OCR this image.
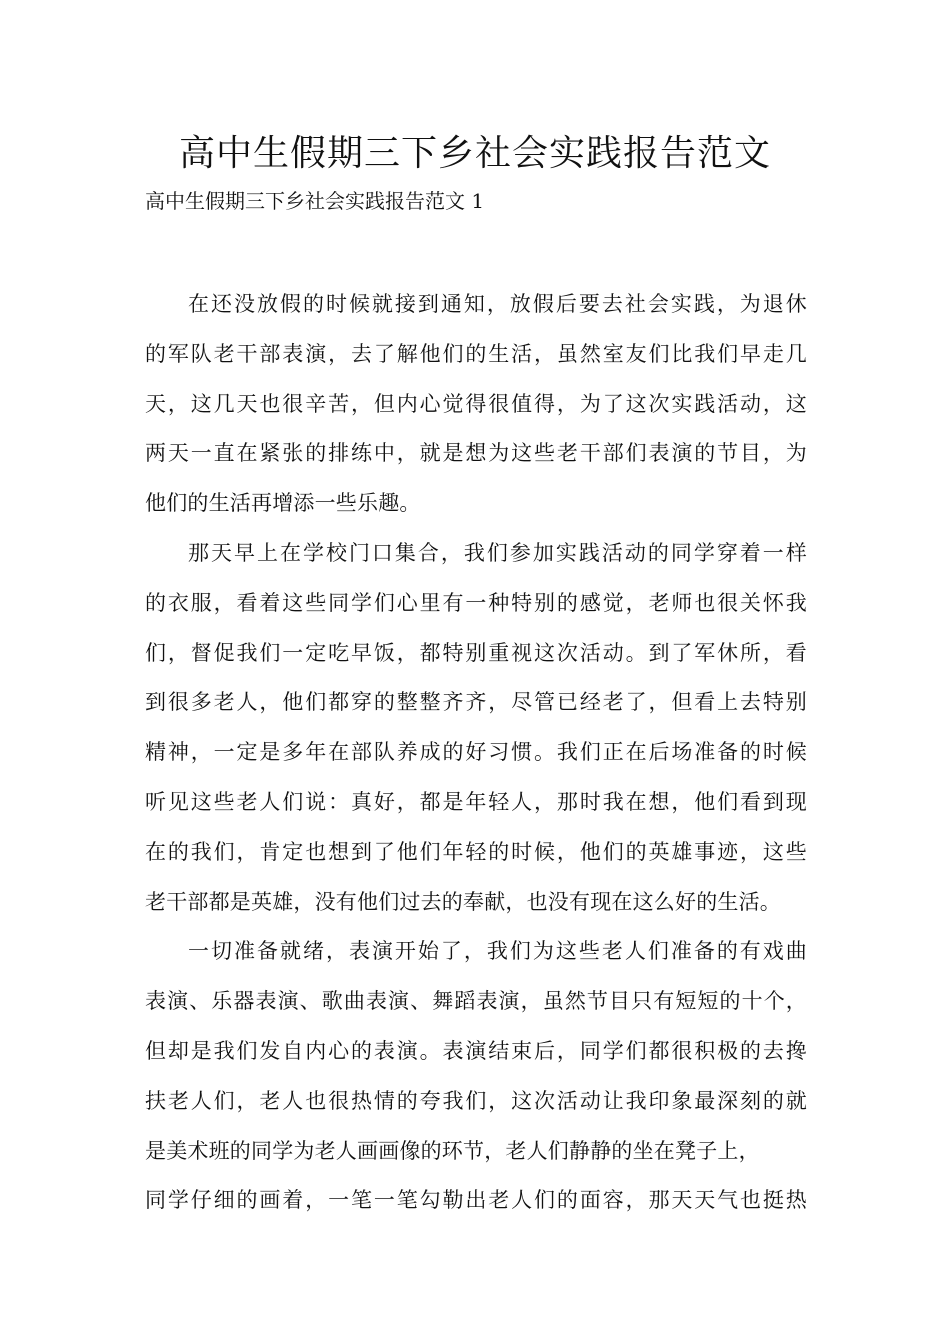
高中生假期三下乡社会实践报告范文

高中生假期三下乡社会实践报告范文 1

在还没放假的时候就接到通知，放假后要去社会实践，为退休
的军队老干部表演，去了解他们的生活，虽然室友们比我们早走几
天，这几天也很辛苦，但内心觉得很值得，为了这次实践活动，这
两天一直在紧张的排练中，就是想为这些老干部们表演的节目，为
他们的生活再增添一些乐趣。
那天早上在学校门口集合，我们参加实践活动的同学穿着一样
的衣服，看着这些同学们心里有一种特别的感觉，老师也很关怀我
们，督促我们一定吃早饭，都特别重视这次活动。到了军休所，看
到很多老人，他们都穿的整整齐齐，尽管已经老了，但看上去特别
精神，一定是多年在部队养成的好习惯。我们正在后场准备的时候
听见这些老人们说：真好，都是年轻人，那时我在想，他们看到现
在的我们，肯定也想到了他们年轻的时候，他们的英雄事迹，这些
老干部都是英雄，没有他们过去的奉献，也没有现在这么好的生活。
一切准备就绪，表演开始了，我们为这些老人们准备的有戏曲
表演、乐器表演、歌曲表演、舞蹈表演，虽然节目只有短短的十个，
但却是我们发自内心的表演。表演结束后，同学们都很积极的去搀
扶老人们，老人也很热情的夸我们，这次活动让我印象最深刻的就
是美术班的同学为老人画画像的环节，老人们静静的坐在凳子上，
同学仔细的画着，一笔一笔勾勒出老人们的面容，那天天气也挺热
